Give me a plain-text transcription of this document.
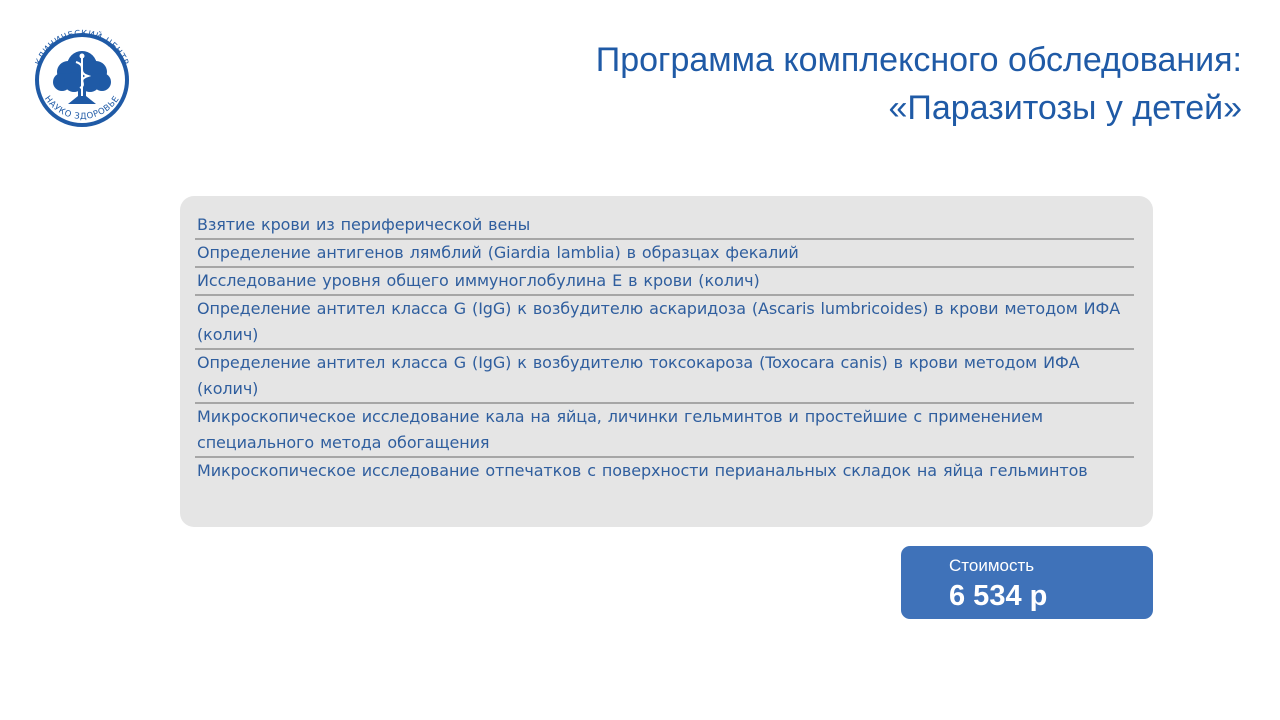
КЛИНИЧЕСКИЙ ЦЕНТР
НАУКО ЗДОРОВЬЕ
Программа комплексного обследования:
«Паразитозы у детей»
Взятие крови из периферической вены
Определение антигенов лямблий (Giardia lamblia) в образцах фекалий
Исследование уровня общего иммуноглобулина E в крови (колич)
Определение антител класса G (IgG) к возбудителю аскаридоза (Ascaris lumbricoides) в крови методом ИФА (колич)
Определение антител класса G (IgG) к возбудителю токсокароза (Toxocara canis) в крови методом ИФА (колич)
Микроскопическое исследование кала на яйца, личинки гельминтов и простейшие с применением специального метода обогащения
Микроскопическое исследование отпечатков с поверхности перианальных складок на яйца гельминтов
Стоимость
6 534 р
